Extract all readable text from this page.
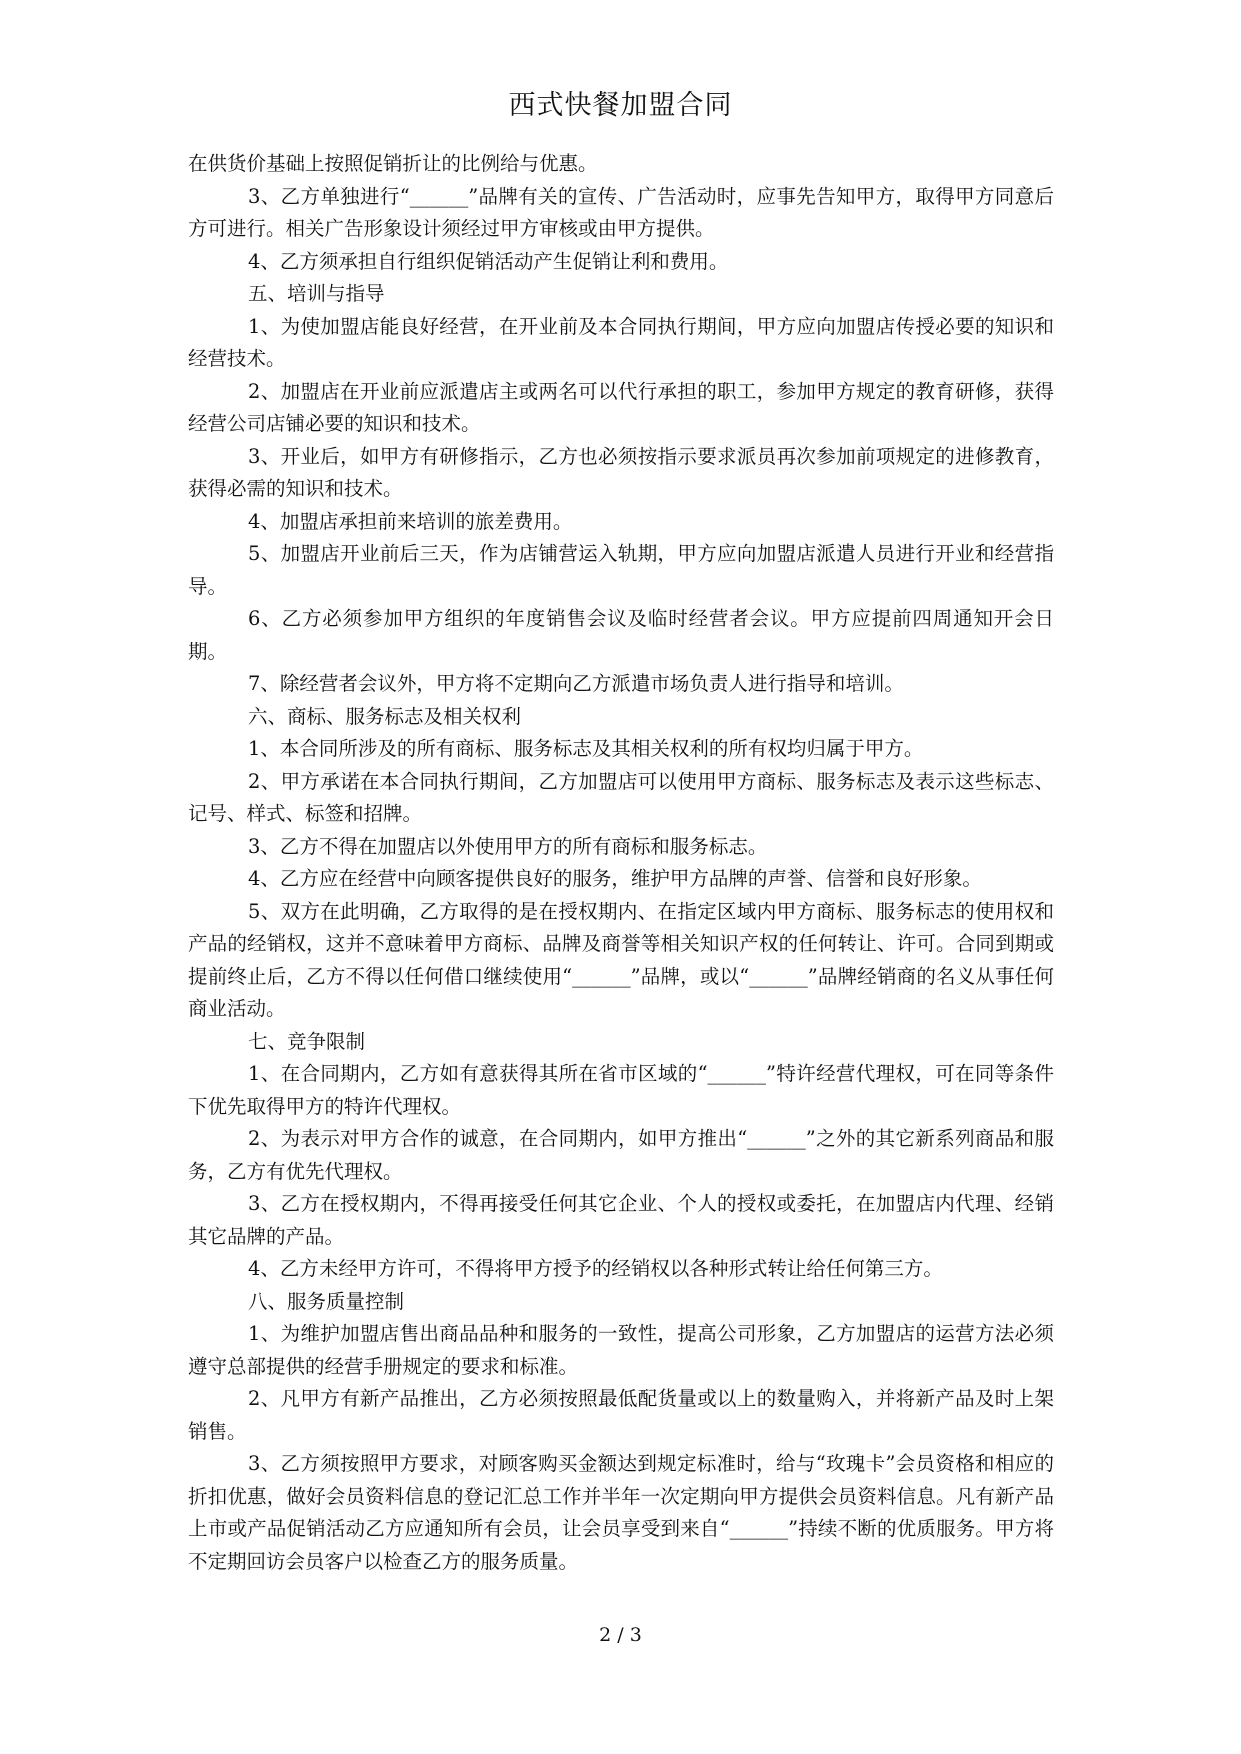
西式快餐加盟合同

在供货价基础上按照促销折让的比例给与优惠。

3、乙方单独进行“______”品牌有关的宣传、广告活动时，应事先告知甲方，取得甲方同意后方可进行。相关广告形象设计须经过甲方审核或由甲方提供。

4、乙方须承担自行组织促销活动产生促销让利和费用。

五、培训与指导

1、为使加盟店能良好经营，在开业前及本合同执行期间，甲方应向加盟店传授必要的知识和经营技术。

2、加盟店在开业前应派遣店主或两名可以代行承担的职工，参加甲方规定的教育研修，获得经营公司店铺必要的知识和技术。

3、开业后，如甲方有研修指示，乙方也必须按指示要求派员再次参加前项规定的进修教育，获得必需的知识和技术。

4、加盟店承担前来培训的旅差费用。

5、加盟店开业前后三天，作为店铺营运入轨期，甲方应向加盟店派遣人员进行开业和经营指导。

6、乙方必须参加甲方组织的年度销售会议及临时经营者会议。甲方应提前四周通知开会日期。

7、除经营者会议外，甲方将不定期向乙方派遣市场负责人进行指导和培训。

六、商标、服务标志及相关权利

1、本合同所涉及的所有商标、服务标志及其相关权利的所有权均归属于甲方。

2、甲方承诺在本合同执行期间，乙方加盟店可以使用甲方商标、服务标志及表示这些标志、记号、样式、标签和招牌。

3、乙方不得在加盟店以外使用甲方的所有商标和服务标志。

4、乙方应在经营中向顾客提供良好的服务，维护甲方品牌的声誉、信誉和良好形象。

5、双方在此明确，乙方取得的是在授权期内、在指定区域内甲方商标、服务标志的使用权和产品的经销权，这并不意味着甲方商标、品牌及商誉等相关知识产权的任何转让、许可。合同到期或提前终止后，乙方不得以任何借口继续使用“______”品牌，或以“______”品牌经销商的名义从事任何商业活动。

七、竞争限制

1、在合同期内，乙方如有意获得其所在省市区域的“______”特许经营代理权，可在同等条件下优先取得甲方的特许代理权。

2、为表示对甲方合作的诚意，在合同期内，如甲方推出“______”之外的其它新系列商品和服务，乙方有优先代理权。

3、乙方在授权期内，不得再接受任何其它企业、个人的授权或委托，在加盟店内代理、经销其它品牌的产品。

4、乙方未经甲方许可，不得将甲方授予的经销权以各种形式转让给任何第三方。

八、服务质量控制

1、为维护加盟店售出商品品种和服务的一致性，提高公司形象，乙方加盟店的运营方法必须遵守总部提供的经营手册规定的要求和标准。

2、凡甲方有新产品推出，乙方必须按照最低配货量或以上的数量购入，并将新产品及时上架销售。

3、乙方须按照甲方要求，对顾客购买金额达到规定标准时，给与“玫瑰卡”会员资格和相应的折扣优惠，做好会员资料信息的登记汇总工作并半年一次定期向甲方提供会员资料信息。凡有新产品上市或产品促销活动乙方应通知所有会员，让会员享受到来自“______”持续不断的优质服务。甲方将不定期回访会员客户以检查乙方的服务质量。

2 / 3
